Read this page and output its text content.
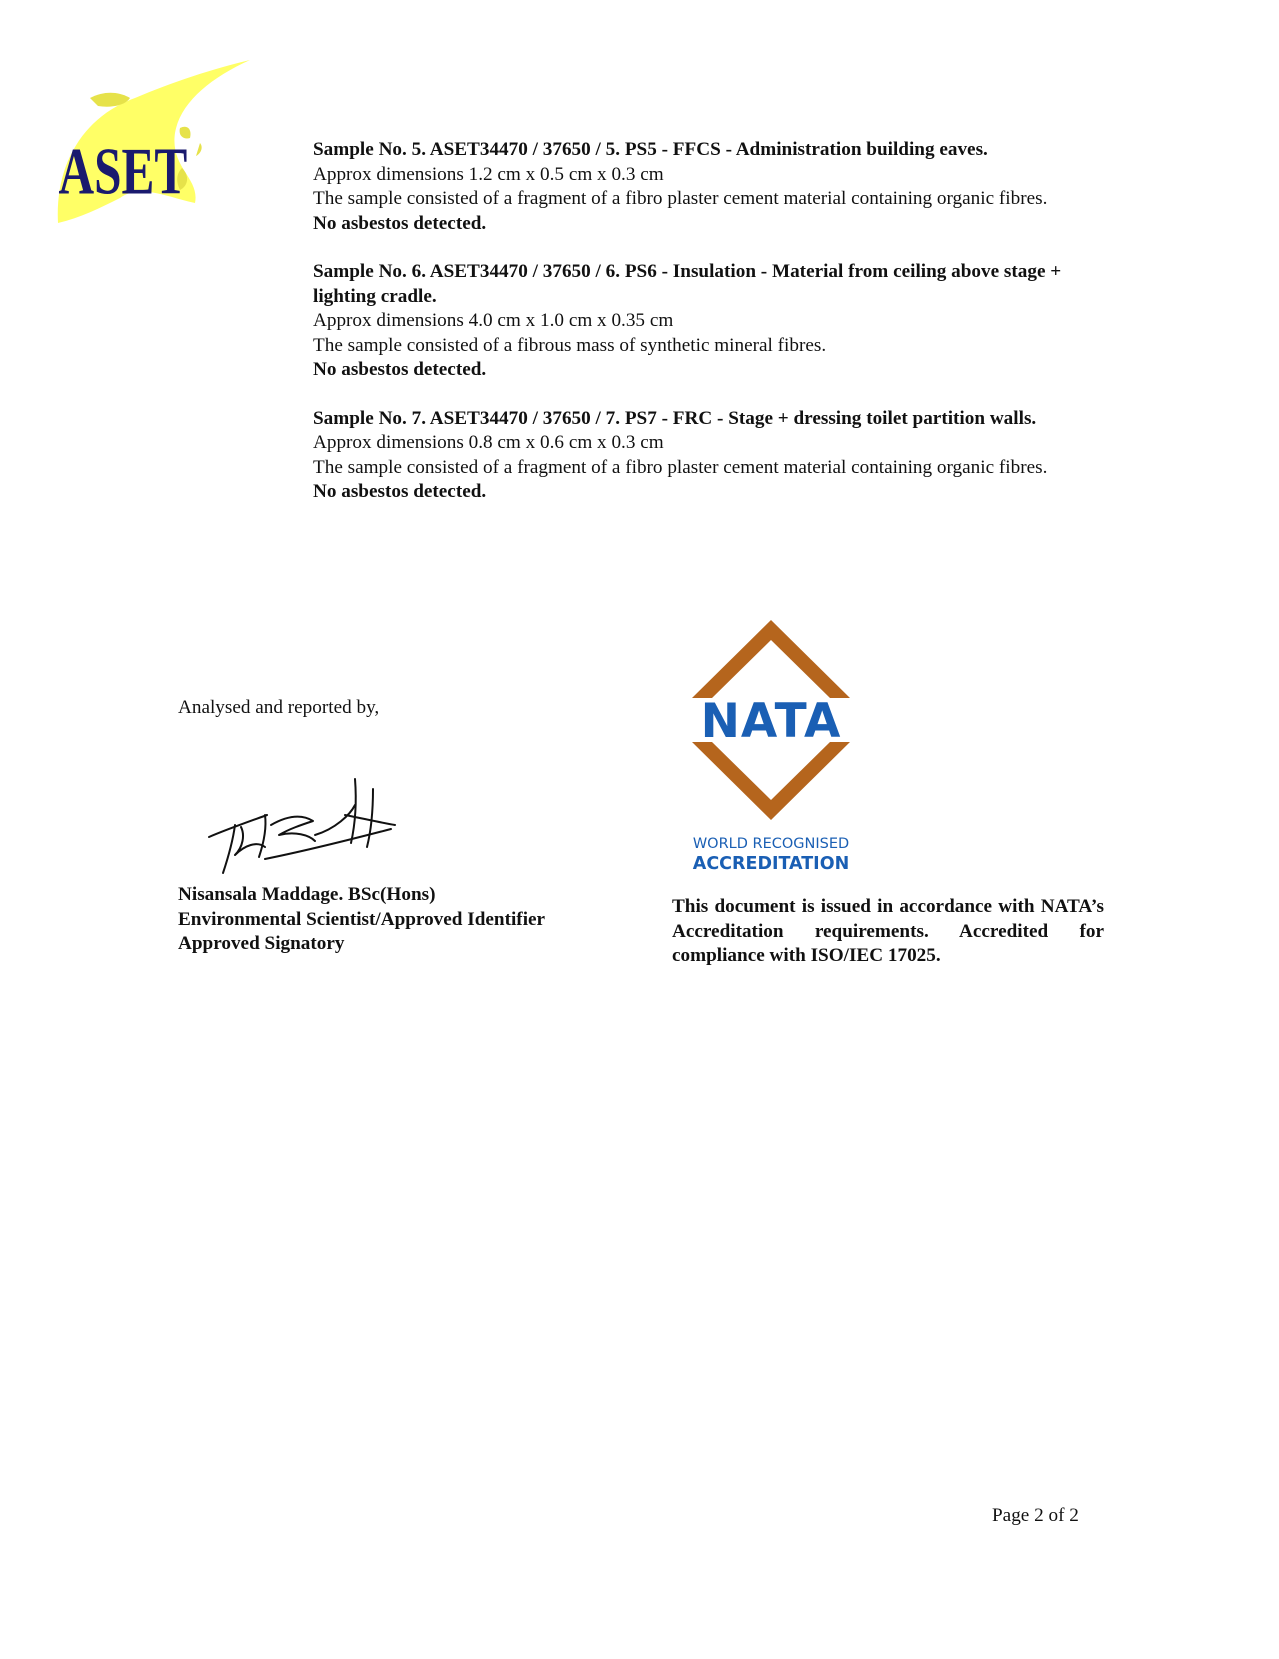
ASET	Sample No. 5. ASET34470 / 37650 / 5. PS5 - FFCS - Administration building eaves.

Approx dimensions 1.2 cm x 0.5 cm x 0.3 cm

The sample consisted of a fragment of a fibro plaster cement material containing organic fibres.

No asbestos detected.

Sample No. 6. ASET34470 / 37650 / 6. PS6 - Insulation - Material from ceiling above stage + lighting cradle.

Approx dimensions 4.0 cm x 1.0 cm x 0.35 cm

The sample consisted of a fibrous mass of synthetic mineral fibres.

No asbestos detected.

Sample No. 7. ASET34470 / 37650 / 7. PS7 - FRC - Stage + dressing toilet partition walls.

Approx dimensions 0.8 cm x 0.6 cm x 0.3 cm

The sample consisted of a fragment of a fibro plaster cement material containing organic fibres.

No asbestos detected.

Analysed and reported by,
Nisansala Maddage. BSc(Hons)
Environmental Scientist/Approved Identifier
Approved Signatory
NATA
WORLD RECOGNISED
ACCREDITATION
This document is issued in accordance with NATA’s Accreditation requirements. Accredited for compliance with ISO/IEC 17025.
Page 2 of 2
